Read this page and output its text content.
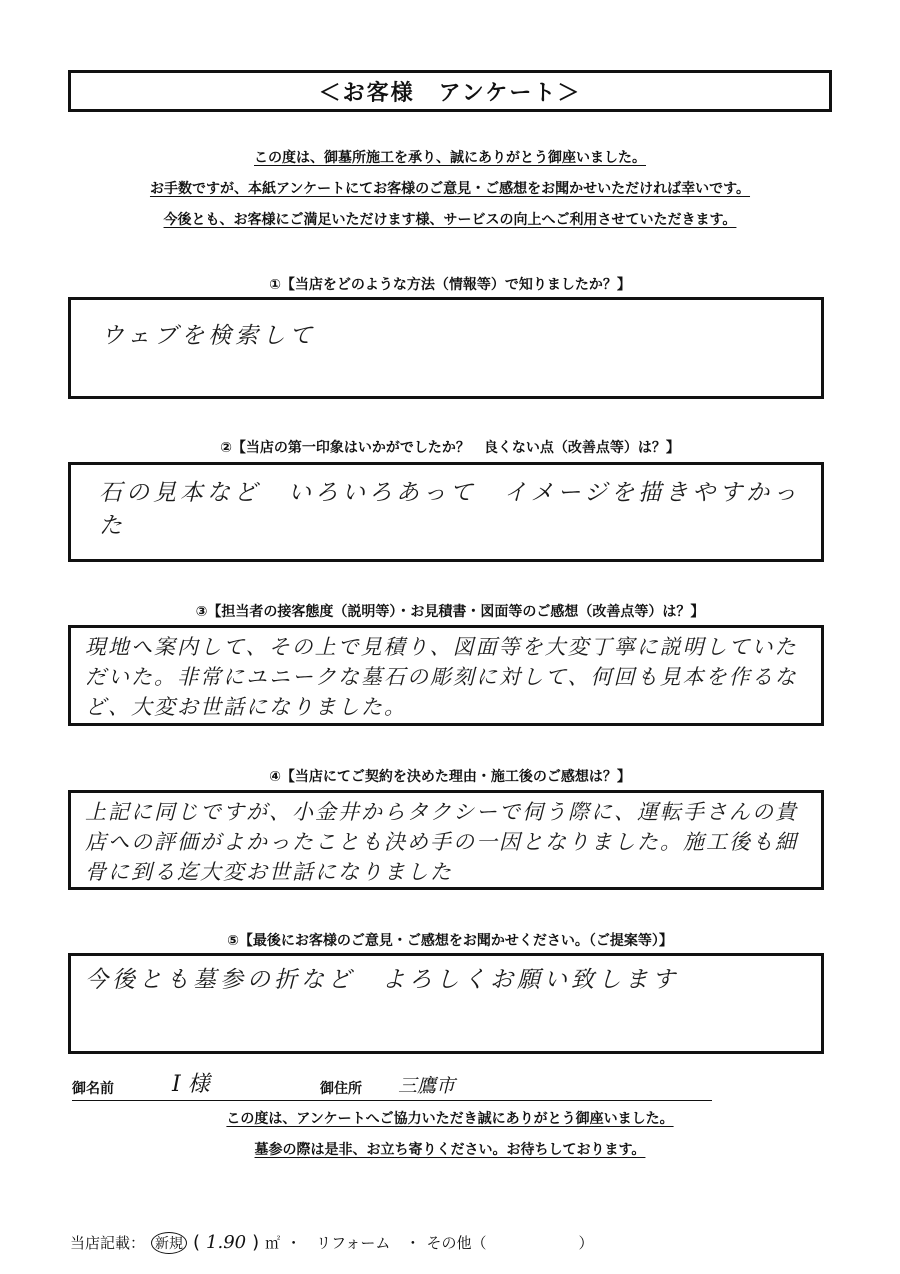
＜お客様　アンケート＞
この度は、御墓所施工を承り、誠にありがとう御座いました。
お手数ですが、本紙アンケートにてお客様のご意見・ご感想をお聞かせいただければ幸いです。
今後とも、お客様にご満足いただけます様、サービスの向上へご利用させていただきます。
①【当店をどのような方法（情報等）で知りましたか？】

ウェブを検索して

②【当店の第一印象はいかがでしたか？　良くない点（改善点等）は？】

石の見本など　いろいろあって　イメージを描きやすかった

③【担当者の接客態度（説明等）・お見積書・図面等のご感想（改善点等）は？】

現地へ案内して、その上で見積り、図面等を大変丁寧に説明していただいた。非常にユニークな墓石の彫刻に対して、何回も見本を作るなど、大変お世話になりました。

④【当店にてご契約を決めた理由・施工後のご感想は？】

上記に同じですが、小金井からタクシーで伺う際に、運転手さんの貴店への評価がよかったことも決め手の一因となりました。施工後も細骨に到る迄大変お世話になりました

⑤【最後にお客様のご意見・ご感想をお聞かせください。（ご提案等）】

今後とも墓参の折など　よろしくお願い致します

御名前	I 様	御住所 三鷹市
この度は、アンケートへご協力いただき誠にありがとう御座いました。
墓参の際は是非、お立ち寄りください。お待ちしております。
当店記載： 新規 ( 1.90 ) ㎡ ・　リフォーム　・ その他（	）
